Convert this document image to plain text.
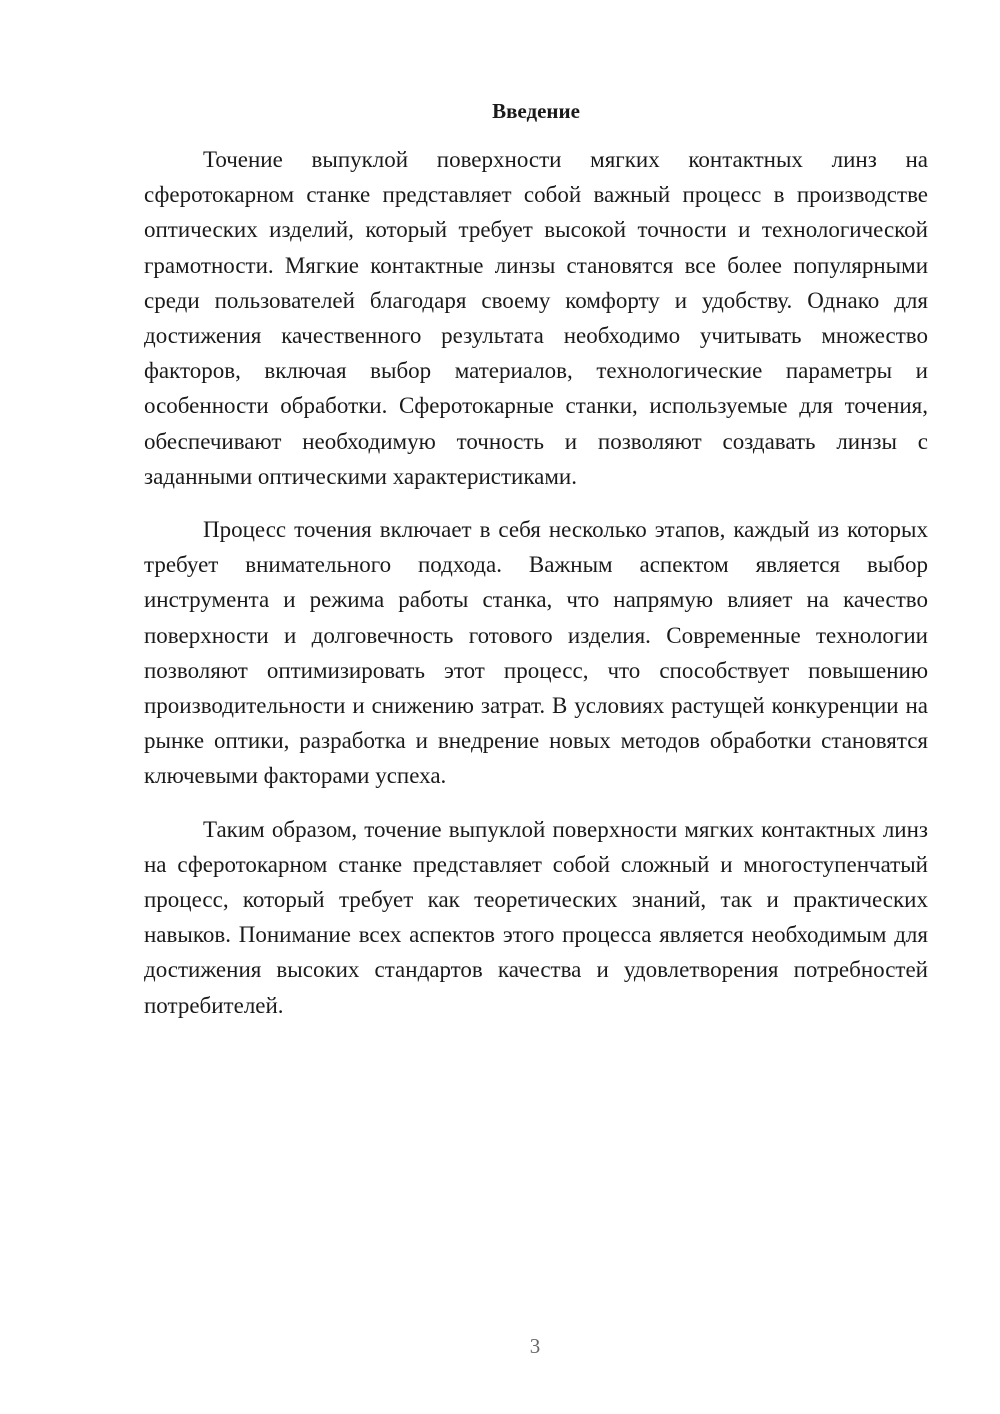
Введение

Точение выпуклой поверхности мягких контактных линз на сферотокарном станке представляет собой важный процесс в производстве оптических изделий, который требует высокой точности и технологической грамотности. Мягкие контактные линзы становятся все более популярными среди пользователей благодаря своему комфорту и удобству. Однако для достижения качественного результата необходимо учитывать множество факторов, включая выбор материалов, технологические параметры и особенности обработки. Сферотокарные станки, используемые для точения, обеспечивают необходимую точность и позволяют создавать линзы с заданными оптическими характеристиками.

Процесс точения включает в себя несколько этапов, каждый из которых требует внимательного подхода. Важным аспектом является выбор инструмента и режима работы станка, что напрямую влияет на качество поверхности и долговечность готового изделия. Современные технологии позволяют оптимизировать этот процесс, что способствует повышению производительности и снижению затрат. В условиях растущей конкуренции на рынке оптики, разработка и внедрение новых методов обработки становятся ключевыми факторами успеха.

Таким образом, точение выпуклой поверхности мягких контактных линз на сферотокарном станке представляет собой сложный и многоступенчатый процесс, который требует как теоретических знаний, так и практических навыков. Понимание всех аспектов этого процесса является необходимым для достижения высоких стандартов качества и удовлетворения потребностей потребителей.

3
